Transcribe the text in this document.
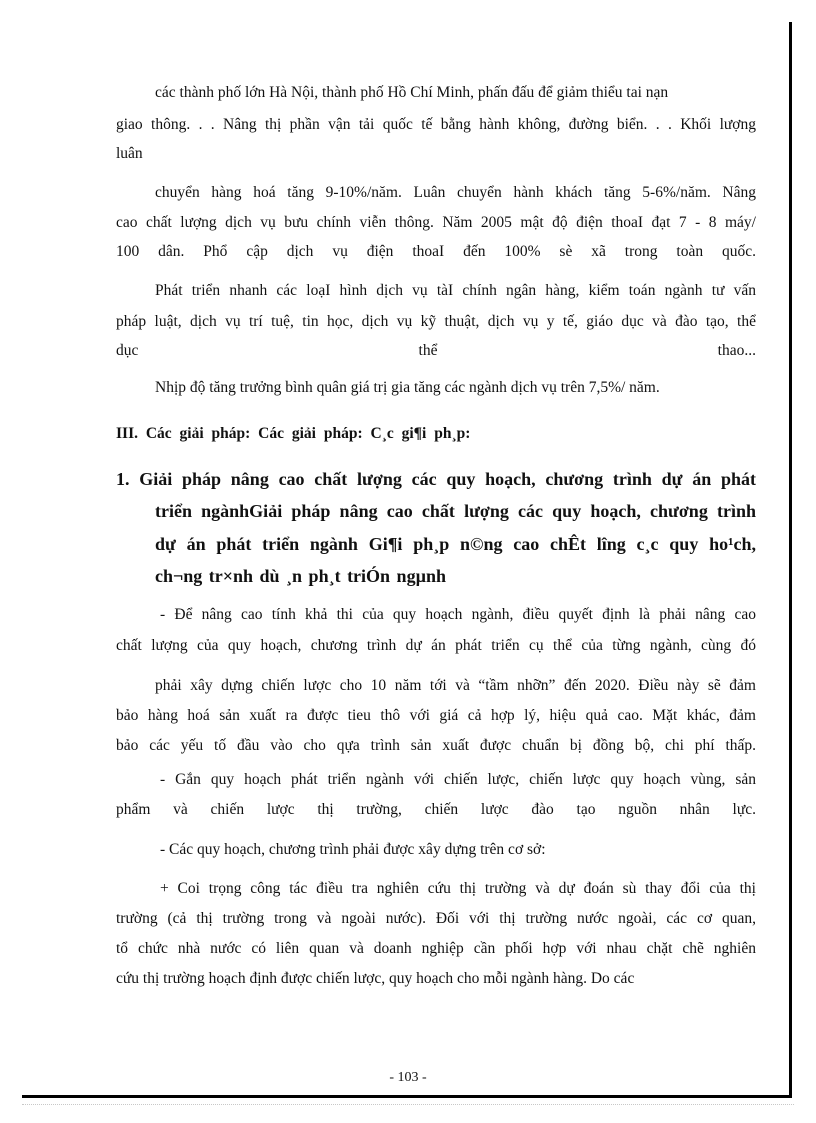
các thành phố lớn Hà Nội, thành phố Hồ Chí Minh, phấn đấu để giảm thiểu tai nạn
giao thông. . . Nâng thị phần vận tải quốc tế bằng hành không, đường biển. . . Khối lượng
luân
chuyển hàng hoá tăng 9-10%/năm. Luân chuyển hành khách tăng 5-6%/năm. Nâng
cao chất lượng dịch vụ bưu chính viễn thông. Năm 2005 mật độ điện thoaI đạt 7 - 8 máy/
100 dân. Phổ cập dịch vụ điện thoaI đến 100% sè xã trong toàn quốc.
Phát triển nhanh các loạI hình dịch vụ tàI chính ngân hàng, kiểm toán ngành tư vấn
pháp luật, dịch vụ trí tuệ, tin học, dịch vụ kỹ thuật, dịch vụ y tế, giáo dục và đào tạo, thể
dục thể thao...
Nhịp độ tăng trưởng bình quân giá trị gia tăng các ngành dịch vụ trên 7,5%/ năm.
III. Các giải pháp: Các giải pháp: C¸c gi¶i ph¸p:
1. Giải pháp nâng cao chất lượng các quy hoạch, chương trình dự án phát
triển ngànhGiải pháp nâng cao chất lượng các quy hoạch, chương trình
dự án phát triển ngành Gi¶i ph¸p n©ng cao chÊt lîng c¸c quy ho¹ch,
ch¬ng tr×nh dù ¸n ph¸t triÓn ngµnh
- Để nâng cao tính khả thi của quy hoạch ngành, điều quyết định là phải nâng cao
chất lượng của quy hoạch, chương trình dự án phát triển cụ thể của từng ngành, cùng đó
phải xây dựng chiến lược cho 10 năm tới và “tầm nhỡn” đến 2020. Điều này sẽ đảm
bảo hàng hoá sản xuất ra được tieu thô với giá cả hợp lý, hiệu quả cao. Mặt khác, đảm
bảo các yếu tố đầu vào cho qựa trình sản xuất được chuẩn bị đồng bộ, chi phí thấp.
- Gắn quy hoạch phát triển ngành với chiến lược, chiến lược quy hoạch vùng, sản
phẩm và chiến lược thị trường, chiến lược đào tạo nguồn nhân lực.
- Các quy hoạch, chương trình phải được xây dựng trên cơ sở:
+ Coi trọng công tác điều tra nghiên cứu thị trường và dự đoán sù thay đổi của thị
trường (cả thị trường trong và ngoài nước). Đối với thị trường nước ngoài, các cơ quan,
tổ chức nhà nước có liên quan và doanh nghiệp cần phối hợp với nhau chặt chẽ nghiên
cứu thị trường hoạch định được chiến lược, quy hoạch cho mỗi ngành hàng. Do các
- 103 -
